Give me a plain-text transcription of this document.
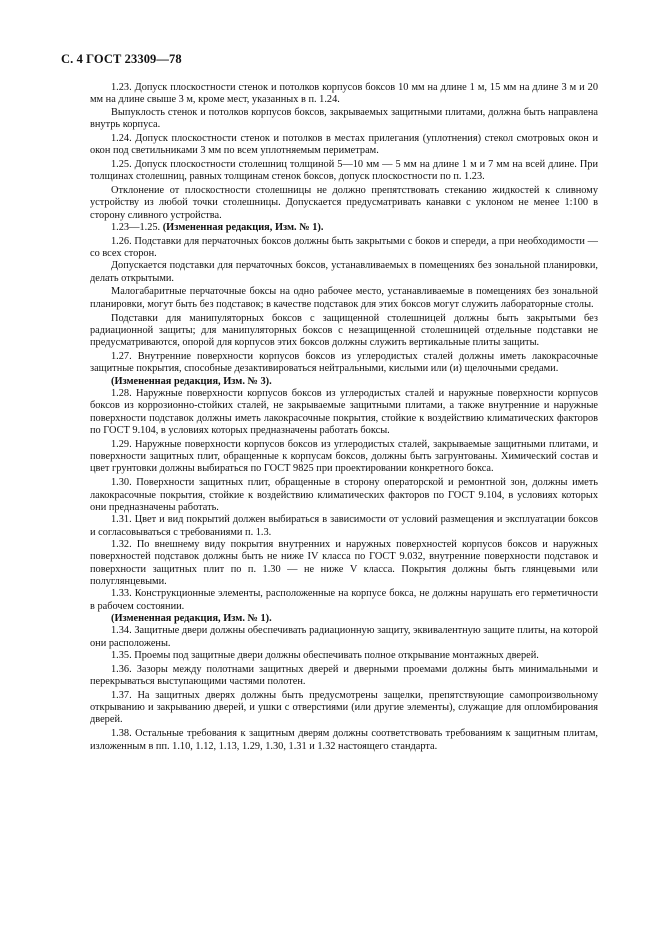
С. 4 ГОСТ 23309—78

1.23. Допуск плоскостности стенок и потолков корпусов боксов 10 мм на длине 1 м, 15 мм на длине 3 м и 20 мм на длине свыше 3 м, кроме мест, указанных в п. 1.24.

Выпуклость стенок и потолков корпусов боксов, закрываемых защитными плитами, должна быть направлена внутрь корпуса.

1.24. Допуск плоскостности стенок и потолков в местах прилегания (уплотнения) стекол смотровых окон и окон под светильниками 3 мм по всем уплотняемым периметрам.

1.25. Допуск плоскостности столешниц толщиной 5—10 мм — 5 мм на длине 1 м и 7 мм на всей длине. При толщинах столешниц, равных толщинам стенок боксов, допуск плоскостности по п. 1.23.

Отклонение от плоскостности столешницы не должно препятствовать стеканию жидкостей к сливному устройству из любой точки столешницы. Допускается предусматривать канавки с уклоном не менее 1:100 в сторону сливного устройства.

1.23—1.25. (Измененная редакция, Изм. № 1).

1.26. Подставки для перчаточных боксов должны быть закрытыми с боков и спереди, а при необходимости — со всех сторон.

Допускается подставки для перчаточных боксов, устанавливаемых в помещениях без зональной планировки, делать открытыми.

Малогабаритные перчаточные боксы на одно рабочее место, устанавливаемые в помещениях без зональной планировки, могут быть без подставок; в качестве подставок для этих боксов могут служить лабораторные столы.

Подставки для манипуляторных боксов с защищенной столешницей должны быть закрытыми без радиационной защиты; для манипуляторных боксов с незащищенной столешницей отдельные подставки не предусматриваются, опорой для корпусов этих боксов должны служить вертикальные плиты защиты.

1.27. Внутренние поверхности корпусов боксов из углеродистых сталей должны иметь лакокрасочные защитные покрытия, способные дезактивироваться нейтральными, кислыми или (и) щелочными средами.

(Измененная редакция, Изм. № 3).

1.28. Наружные поверхности корпусов боксов из углеродистых сталей и наружные поверхности корпусов боксов из коррозионно-стойких сталей, не закрываемые защитными плитами, а также внутренние и наружные поверхности подставок должны иметь лакокрасочные покрытия, стойкие к воздействию климатических факторов по ГОСТ 9.104, в условиях которых предназначены работать боксы.

1.29. Наружные поверхности корпусов боксов из углеродистых сталей, закрываемые защитными плитами, и поверхности защитных плит, обращенные к корпусам боксов, должны быть загрунтованы. Химический состав и цвет грунтовки должны выбираться по ГОСТ 9825 при проектировании конкретного бокса.

1.30. Поверхности защитных плит, обращенные в сторону операторской и ремонтной зон, должны иметь лакокрасочные покрытия, стойкие к воздействию климатических факторов по ГОСТ 9.104, в условиях которых они предназначены работать.

1.31. Цвет и вид покрытий должен выбираться в зависимости от условий размещения и эксплуатации боксов и согласовываться с требованиями п. 1.3.

1.32. По внешнему виду покрытия внутренних и наружных поверхностей корпусов боксов и наружных поверхностей подставок должны быть не ниже IV класса по ГОСТ 9.032, внутренние поверхности подставок и поверхности защитных плит по п. 1.30 — не ниже V класса. Покрытия должны быть глянцевыми или полуглянцевыми.

1.33. Конструкционные элементы, расположенные на корпусе бокса, не должны нарушать его герметичности в рабочем состоянии.

(Измененная редакция, Изм. № 1).

1.34. Защитные двери должны обеспечивать радиационную защиту, эквивалентную защите плиты, на которой они расположены.

1.35. Проемы под защитные двери должны обеспечивать полное открывание монтажных дверей.

1.36. Зазоры между полотнами защитных дверей и дверными проемами должны быть минимальными и перекрываться выступающими частями полотен.

1.37. На защитных дверях должны быть предусмотрены защелки, препятствующие самопроизвольному открыванию и закрыванию дверей, и ушки с отверстиями (или другие элементы), служащие для опломбирования дверей.

1.38. Остальные требования к защитным дверям должны соответствовать требованиям к защитным плитам, изложенным в пп. 1.10, 1.12, 1.13, 1.29, 1.30, 1.31 и 1.32 настоящего стандарта.
